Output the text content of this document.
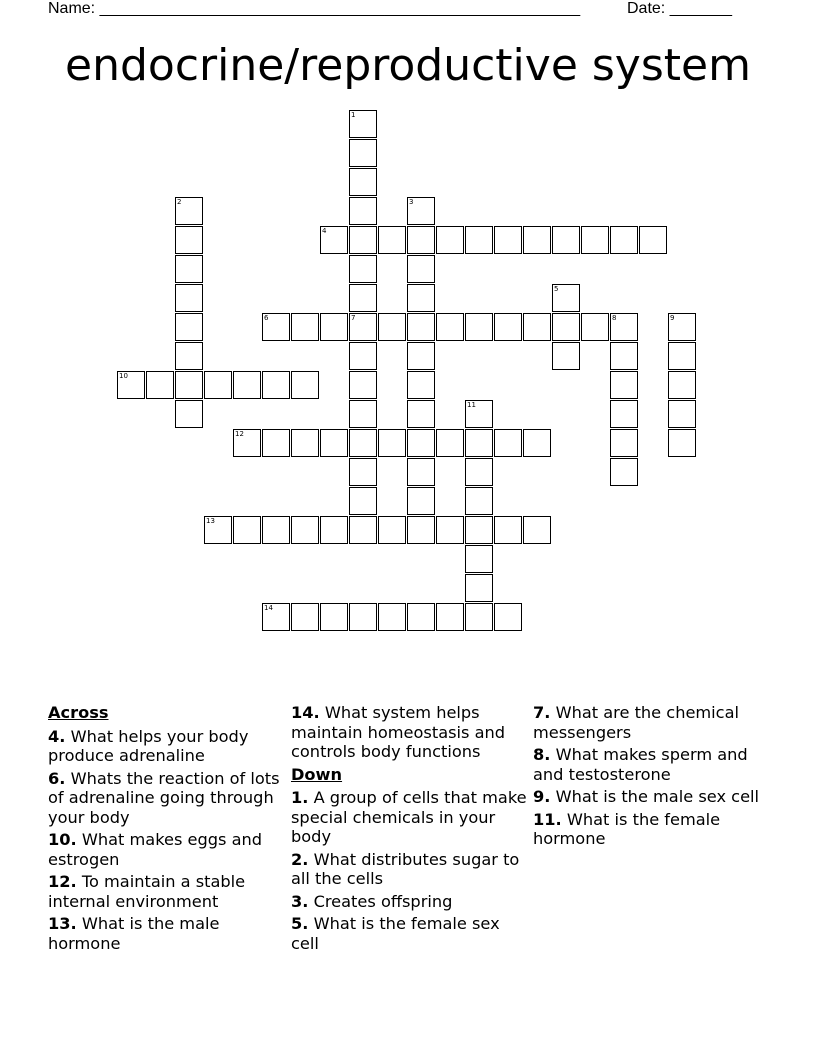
Name: ______________________________________________________	Date: _______
endocrine/reproductive system
1
2	3
4
5
6	7	8	9
10
11
12
13
14
Across
4. What helps your body produce adrenaline
6. Whats the reaction of lots of adrenaline going through your body
10. What makes eggs and estrogen
12. To maintain a stable internal environment
13. What is the male hormone
14. What system helps maintain homeostasis and controls body functions
Down
1. A group of cells that make special chemicals in your body
2. What distributes sugar to all the cells
3. Creates offspring
5. What is the female sex cell
7. What are the chemical messengers
8. What makes sperm and and testosterone
9. What is the male sex cell
11. What is the female hormone
